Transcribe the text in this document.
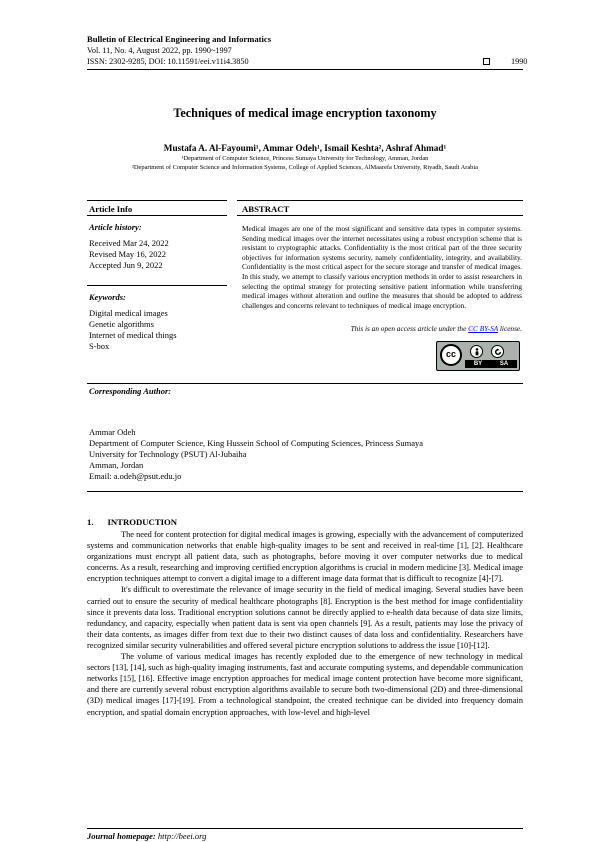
Bulletin of Electrical Engineering and Informatics
Vol. 11, No. 4, August 2022, pp. 1990~1997
ISSN: 2302-9285, DOI: 10.11591/eei.v11i4.3850	1990
Techniques of medical image encryption taxonomy
Mustafa A. Al-Fayoumi¹, Ammar Odeh¹, Ismail Keshta², Ashraf Ahmad¹
¹Department of Computer Science, Princess Sumaya University for Technology, Amman, Jordan
²Department of Computer Science and Information Systems, College of Applied Sciences, AlMaarefa University, Riyadh, Saudi Arabia
Article Info
Article history:
Received Mar 24, 2022
Revised May 16, 2022
Accepted Jun 9, 2022
Keywords:
Digital medical images
Genetic algorithms
Internet of medical things
S-box
ABSTRACT
Medical images are one of the most significant and sensitive data types in computer systems. Sending medical images over the internet necessitates using a robust encryption scheme that is resistant to cryptographic attacks. Confidentiality is the most critical part of the three security objectives for information systems security, namely confidentiality, integrity, and availability. Confidentiality is the most critical aspect for the secure storage and transfer of medical images. In this study, we attempt to classify various encryption methods in order to assist researchers in selecting the optimal strategy for protecting sensitive patient information while transferring medical images without alteration and outline the measures that should be adopted to address challenges and concerns relevant to techniques of medical image encryption.
This is an open access article under the CC BY-SA license.
cc
BY	SA
Corresponding Author:
Ammar Odeh
Department of Computer Science, King Hussein School of Computing Sciences, Princess Sumaya
University for Technology (PSUT) Al-Jubaiha
Amman, Jordan
Email: a.odeh@psut.edu.jo
1. INTRODUCTION

The need for content protection for digital medical images is growing, especially with the advancement of computerized systems and communication networks that enable high-quality images to be sent and received in real-time [1], [2]. Healthcare organizations must encrypt all patient data, such as photographs, before moving it over computer networks due to medical concerns. As a result, researching and improving certified encryption algorithms is crucial in modern medicine [3]. Medical image encryption techniques attempt to convert a digital image to a different image data format that is difficult to recognize [4]-[7].

It's difficult to overestimate the relevance of image security in the field of medical imaging. Several studies have been carried out to ensure the security of medical healthcare photographs [8]. Encryption is the best method for image confidentiality since it prevents data loss. Traditional encryption solutions cannot be directly applied to e-health data because of data size limits, redundancy, and capacity, especially when patient data is sent via open channels [9]. As a result, patients may lose the privacy of their data contents, as images differ from text due to their two distinct causes of data loss and confidentiality. Researchers have recognized similar security vulnerabilities and offered several picture encryption solutions to address the issue [10]-[12].

The volume of various medical images has recently exploded due to the emergence of new technology in medical sectors [13], [14], such as high-quality imaging instruments, fast and accurate computing systems, and dependable communication networks [15], [16]. Effective image encryption approaches for medical image content protection have become more significant, and there are currently several robust encryption algorithms available to secure both two-dimensional (2D) and three-dimensional (3D) medical images [17]-[19]. From a technological standpoint, the created technique can be divided into frequency domain encryption, and spatial domain encryption approaches, with low-level and high-level

Journal homepage: http://beei.org
